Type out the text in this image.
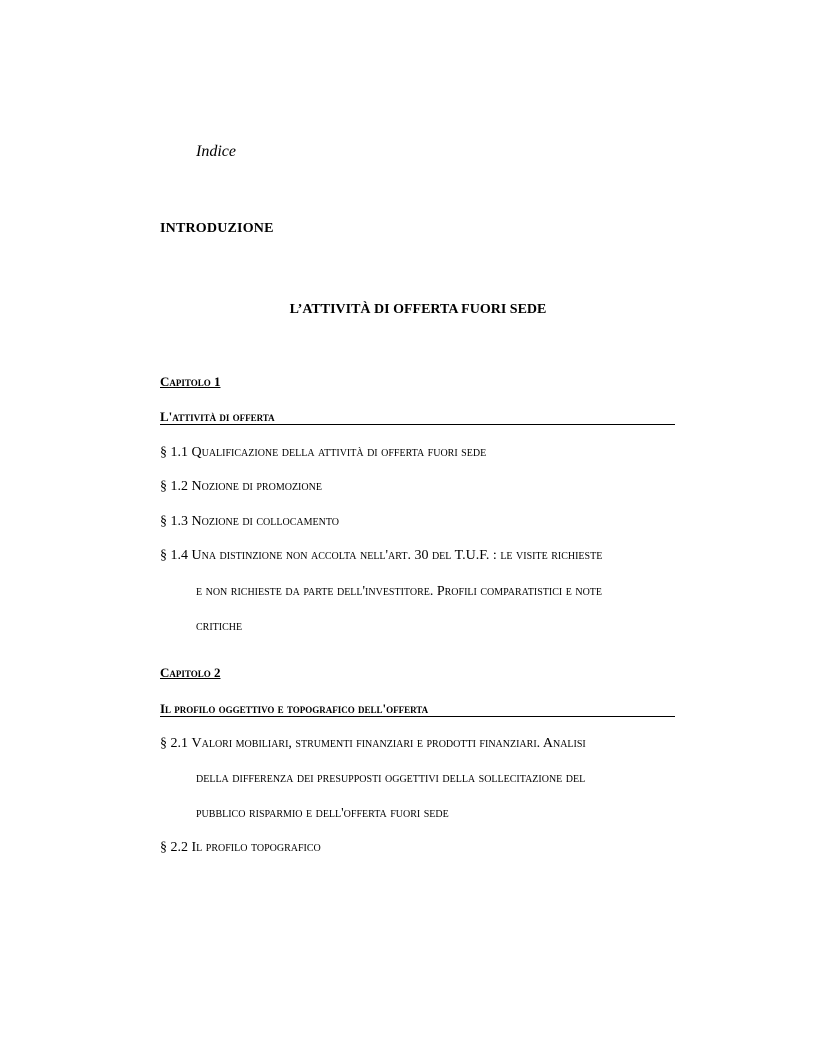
Indice

INTRODUZIONE

L’ATTIVITÀ DI OFFERTA FUORI SEDE

Capitolo 1

L'attività di offerta

§ 1.1 Qualificazione della attività di offerta fuori sede

§ 1.2 Nozione di promozione

§ 1.3 Nozione di collocamento

§ 1.4 Una distinzione non accolta nell'art. 30 del T.U.F. : le visite richieste

e non richieste da parte dell'investitore. Profili comparatistici e note

critiche

Capitolo 2

Il profilo oggettivo e topografico dell'offerta

§ 2.1 Valori mobiliari, strumenti finanziari e prodotti finanziari. Analisi

della differenza dei presupposti oggettivi della sollecitazione del

pubblico risparmio e dell'offerta fuori sede

§ 2.2 Il profilo topografico
